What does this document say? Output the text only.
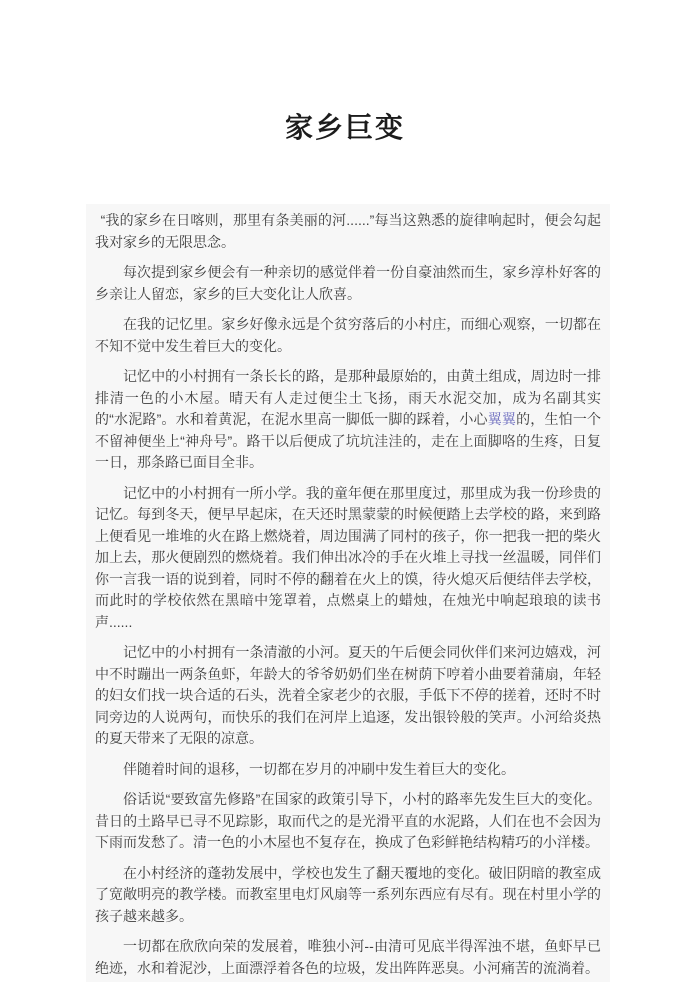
家乡巨变

“我的家乡在日喀则，那里有条美丽的河......”每当这熟悉的旋律响起时，便会勾起我对家乡的无限思念。

每次提到家乡便会有一种亲切的感觉伴着一份自豪油然而生，家乡淳朴好客的乡亲让人留恋，家乡的巨大变化让人欣喜。

在我的记忆里。家乡好像永远是个贫穷落后的小村庄，而细心观察，一切都在不知不觉中发生着巨大的变化。

记忆中的小村拥有一条长长的路，是那种最原始的，由黄土组成，周边时一排排清一色的小木屋。晴天有人走过便尘土飞扬，雨天水泥交加，成为名副其实的“水泥路”。水和着黄泥，在泥水里高一脚低一脚的踩着，小心翼翼的，生怕一个不留神便坐上“神舟号”。路干以后便成了坑坑洼洼的，走在上面脚咯的生疼，日复一日，那条路已面目全非。

记忆中的小村拥有一所小学。我的童年便在那里度过，那里成为我一份珍贵的记忆。每到冬天，便早早起床，在天还时黑蒙蒙的时候便踏上去学校的路，来到路上便看见一堆堆的火在路上燃烧着，周边围满了同村的孩子，你一把我一把的柴火加上去，那火便剧烈的燃烧着。我们伸出冰冷的手在火堆上寻找一丝温暖，同伴们你一言我一语的说到着，同时不停的翻着在火上的馍，待火熄灭后便结伴去学校，而此时的学校依然在黑暗中笼罩着，点燃桌上的蜡烛，在烛光中响起琅琅的读书声......

记忆中的小村拥有一条清澈的小河。夏天的午后便会同伙伴们来河边嬉戏，河中不时蹦出一两条鱼虾，年龄大的爷爷奶奶们坐在树荫下哼着小曲要着蒲扇，年轻的妇女们找一块合适的石头，洗着全家老少的衣服，手低下不停的搓着，还时不时同旁边的人说两句，而快乐的我们在河岸上追逐，发出银铃般的笑声。小河给炎热的夏天带来了无限的凉意。

伴随着时间的退移，一切都在岁月的冲刷中发生着巨大的变化。

俗话说“要致富先修路”在国家的政策引导下，小村的路率先发生巨大的变化。昔日的土路早已寻不见踪影，取而代之的是光滑平直的水泥路，人们在也不会因为下雨而发愁了。清一色的小木屋也不复存在，换成了色彩鲜艳结构精巧的小洋楼。

在小村经济的蓬勃发展中，学校也发生了翻天覆地的变化。破旧阴暗的教室成了宽敞明亮的教学楼。而教室里电灯风扇等一系列东西应有尽有。现在村里小学的孩子越来越多。

一切都在欣欣向荣的发展着，唯独小河--由清可见底半得浑浊不堪，鱼虾早已绝迹，水和着泥沙，上面漂浮着各色的垃圾，发出阵阵恶臭。小河痛苦的流淌着。
